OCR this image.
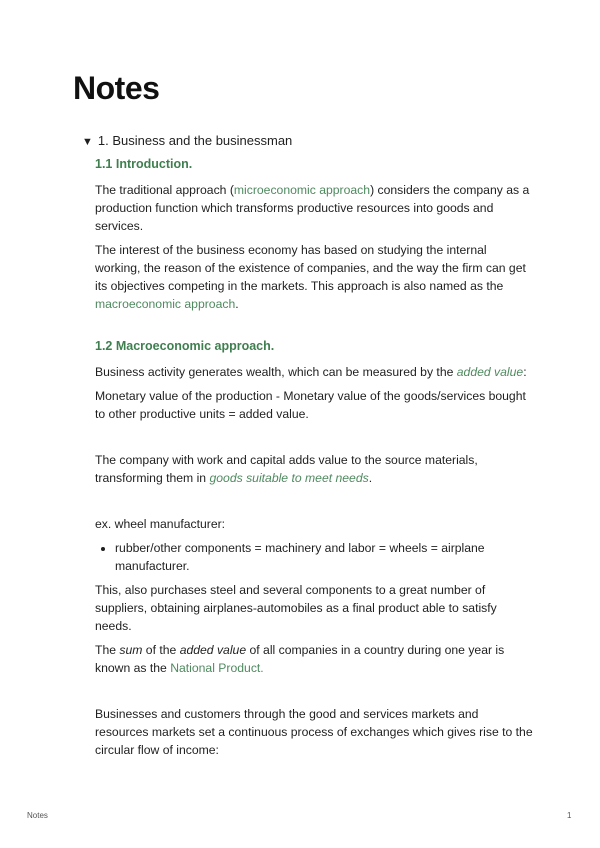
Notes
▼ 1. Business and the businessman

1.1 Introduction.

The traditional approach (microeconomic approach) considers the company as a production function which transforms productive resources into goods and services.

The interest of the business economy has based on studying the internal working, the reason of the existence of companies, and the way the firm can get its objectives competing in the markets. This approach is also named as the macroeconomic approach.

1.2 Macroeconomic approach.

Business activity generates wealth, which can be measured by the added value:

Monetary value of the production - Monetary value of the goods/services bought to other productive units = added value.

The company with work and capital adds value to the source materials, transforming them in goods suitable to meet needs.

ex. wheel manufacturer:

• rubber/other components = machinery and labor = wheels = airplane manufacturer.

This, also purchases steel and several components to a great number of suppliers, obtaining airplanes-automobiles as a final product able to satisfy needs.

The sum of the added value of all companies in a country during one year is known as the National Product.

Businesses and customers through the good and services markets and resources markets set a continuous process of exchanges which gives rise to the circular flow of income:

Notes	1
